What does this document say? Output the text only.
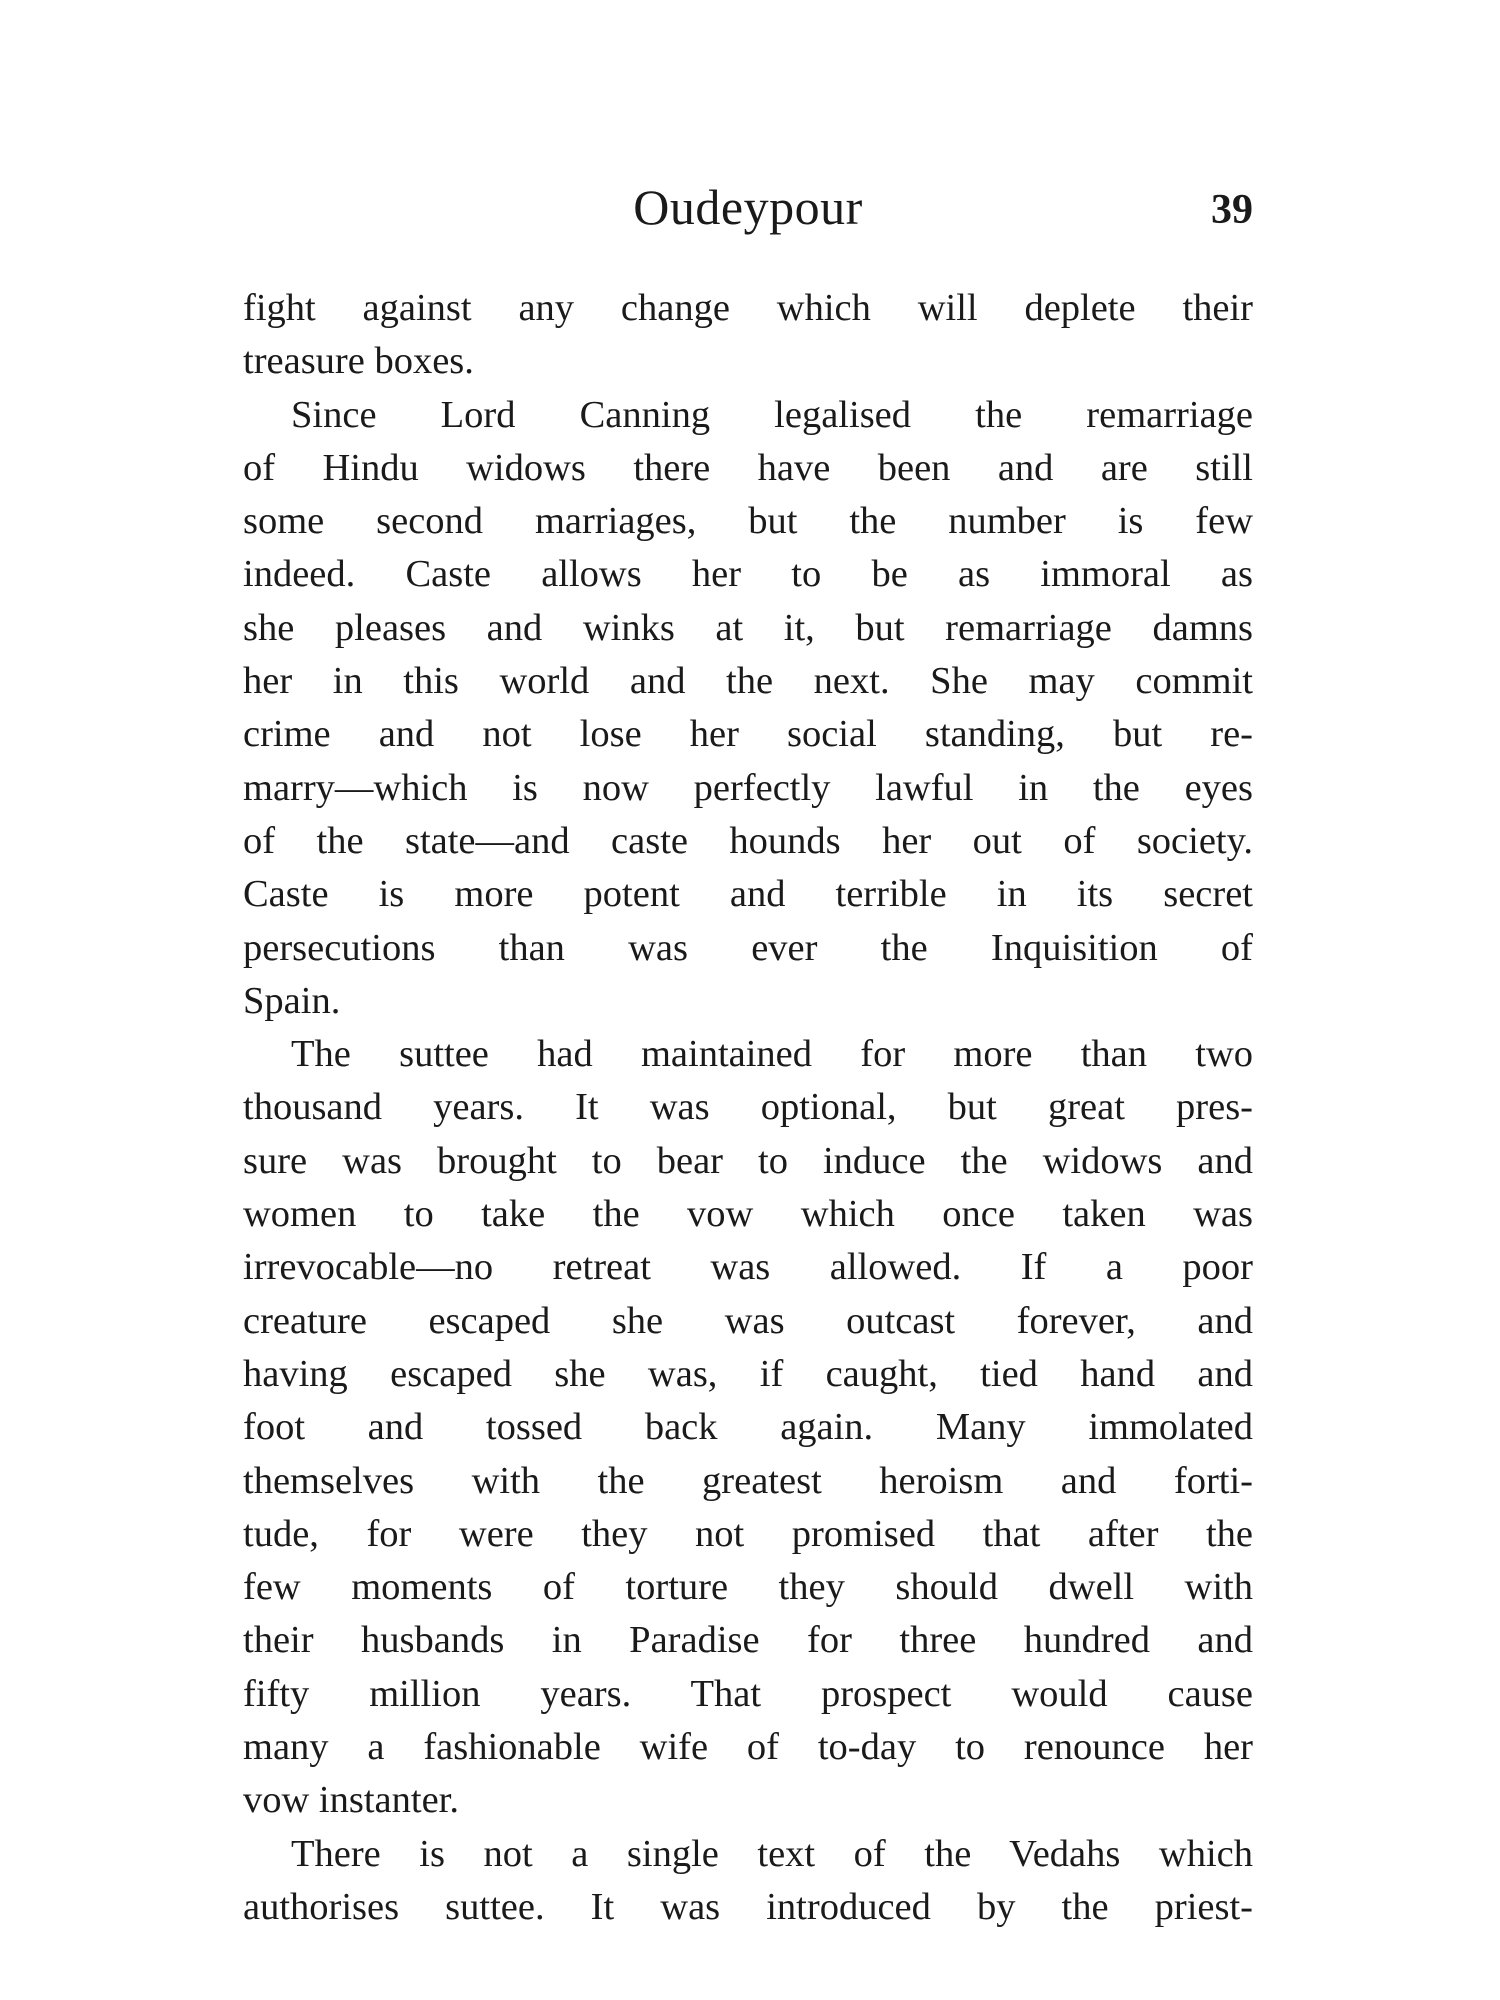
Oudeypour	39
fight against any change which will deplete their
treasure boxes.
Since Lord Canning legalised the remarriage
of Hindu widows there have been and are still
some second marriages, but the number is few
indeed. Caste allows her to be as immoral as
she pleases and winks at it, but remarriage damns
her in this world and the next. She may commit
crime and not lose her social standing, but re-
marry—which is now perfectly lawful in the eyes
of the state—and caste hounds her out of society.
Caste is more potent and terrible in its secret
persecutions than was ever the Inquisition of
Spain.
The suttee had maintained for more than two
thousand years. It was optional, but great pres-
sure was brought to bear to induce the widows and
women to take the vow which once taken was
irrevocable—no retreat was allowed. If a poor
creature escaped she was outcast forever, and
having escaped she was, if caught, tied hand and
foot and tossed back again. Many immolated
themselves with the greatest heroism and forti-
tude, for were they not promised that after the
few moments of torture they should dwell with
their husbands in Paradise for three hundred and
fifty million years. That prospect would cause
many a fashionable wife of to-day to renounce her
vow instanter.
There is not a single text of the Vedahs which
authorises suttee. It was introduced by the priest-
